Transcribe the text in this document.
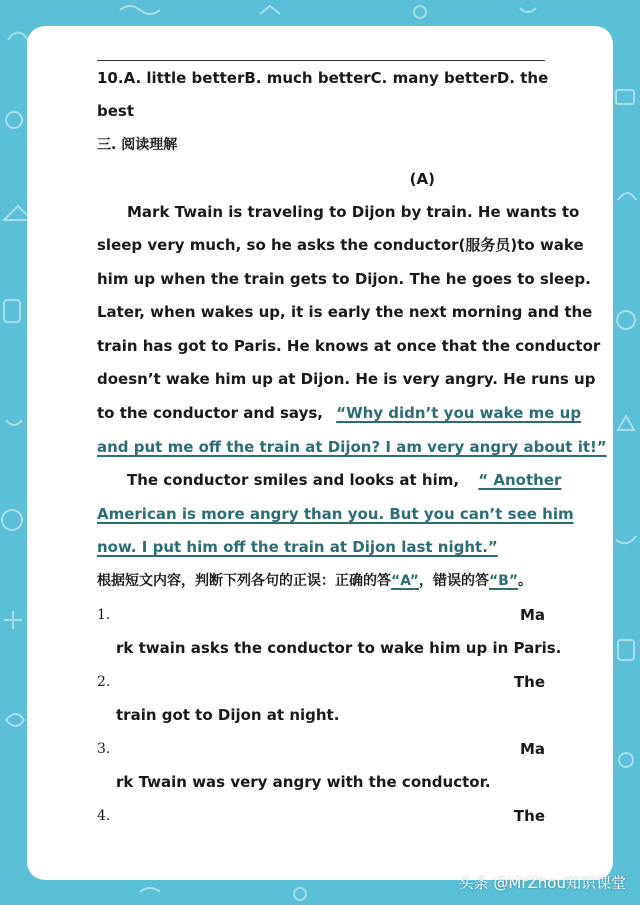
10.A. little better B. much better C. many better D. the
best
三. 阅读理解
(A)
Mark Twain is traveling to Dijon by train. He wants to
sleep very much, so he asks the conductor(服务员)to wake
him up when the train gets to Dijon. The he goes to sleep.
Later, when wakes up, it is early the next morning and the
train has got to Paris. He knows at once that the conductor
doesn’t wake him up at Dijon. He is very angry. He runs up
to the conductor and says, “Why didn’t you wake me up
and put me off the train at Dijon? I am very angry about it!”
The conductor smiles and looks at him, “ Another
American is more angry than you. But you can’t see him
now. I put him off the train at Dijon last night.”
根据短文内容，判断下列各句的正误：正确的答“A”，错误的答“B”。
1.	Ma
rk twain asks the conductor to wake him up in Paris.
2.	The
train got to Dijon at night.
3.	Ma
rk Twain was very angry with the conductor.
4.	The
头条 @MrZhou知识课堂
